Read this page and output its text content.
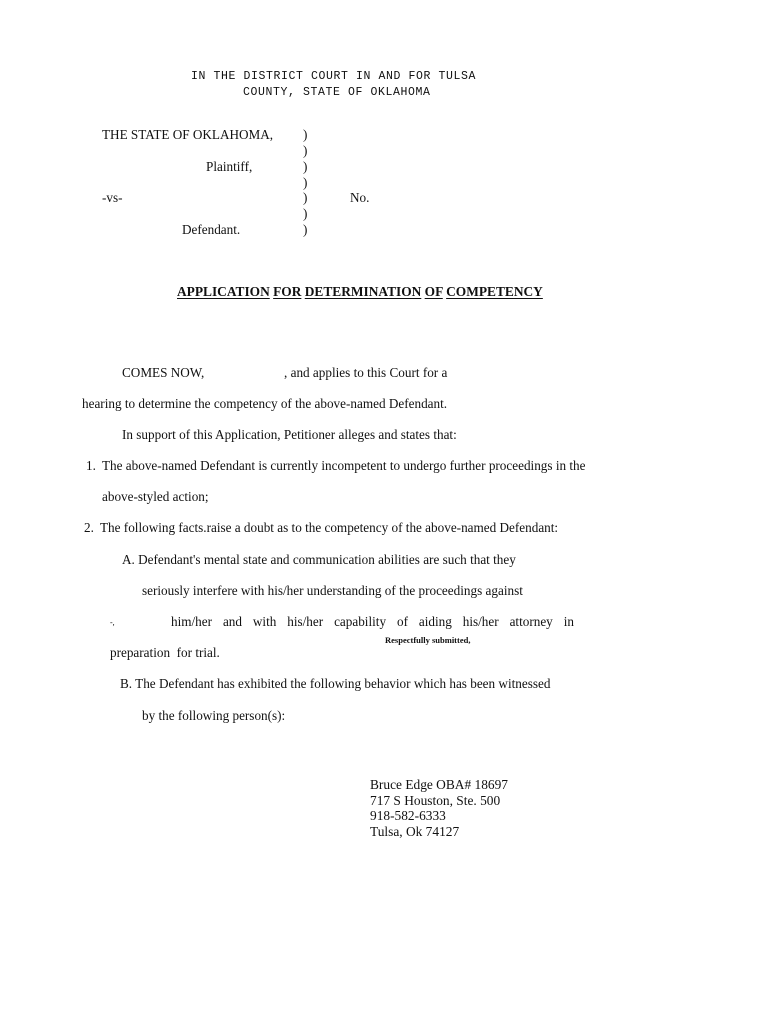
IN THE DISTRICT COURT IN AND FOR TULSA
COUNTY, STATE OF OKLAHOMA
THE STATE OF OKLAHOMA,
Plaintiff,
-vs-
Defendant.
No.
)
)
)
)
)
)
)
APPLICATION FOR DETERMINATION OF COMPETENCY
COMES NOW,	, and applies to this Court for a
hearing to determine the competency of the above-named Defendant.
In support of this Application, Petitioner alleges and states that:
1. The above-named Defendant is currently incompetent to undergo further proceedings in the
above-styled action;
2. The following facts.raise a doubt as to the competency of the above-named Defendant:
A. Defendant's mental state and communication abilities are such that they
seriously interfere with his/her understanding of the proceedings against
-,	him/her and with his/her capability of aiding his/her attorney in
Respectfully submitted,
preparation  for trial.
B. The Defendant has exhibited the following behavior which has been witnessed
by the following person(s):
Bruce Edge OBA# 18697
717 S Houston, Ste. 500
918-582-6333
Tulsa, Ok 74127
